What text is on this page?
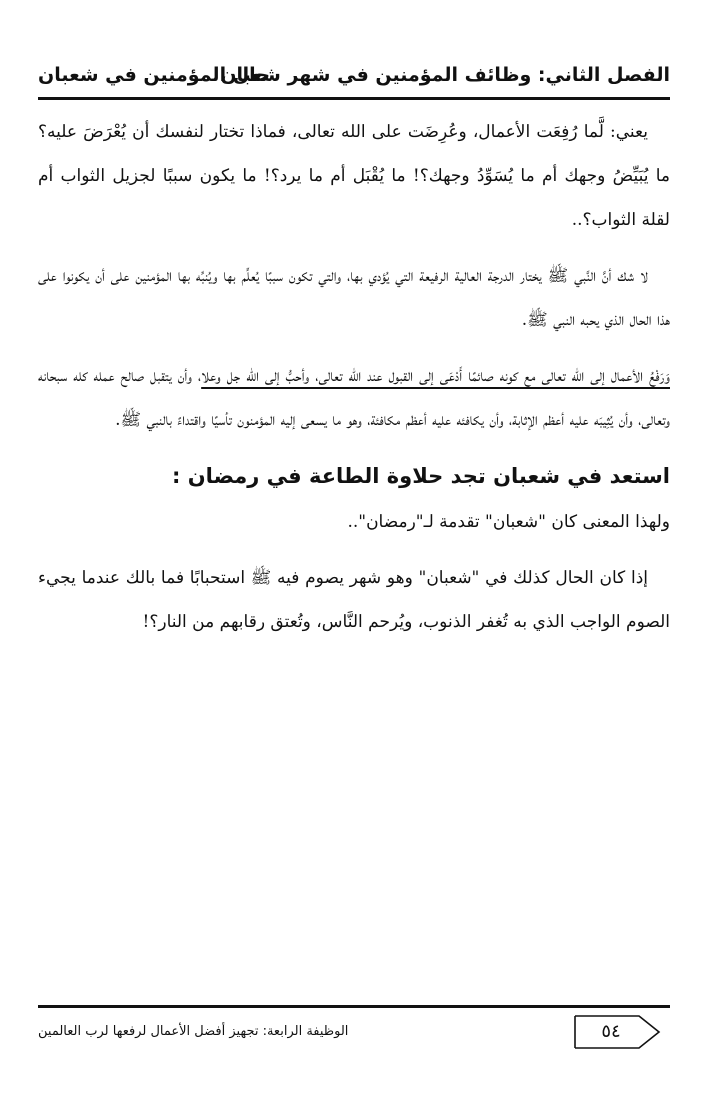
الفصل الثاني: وظائف المؤمنين في شهر شعبان
حال المؤمنين في شعبان

يعني: لَّما رُفِعَت الأعمال، وعُرِضَت على الله تعالى، فماذا تختار لنفسك أن يُعْرَضَ عليه؟ ما يُبَيِّضُ وجهك أم ما يُسَوِّدُ وجهك؟! ما يُقْبَل أم ما يرد؟! ما يكون سببًا لجزيل الثواب أم لقلة الثواب؟..

لا شك أنَّ النَّبي ﷺ يختار الدرجة العالية الرفيعة التي يُؤدي بها، والتي تكون سببًا يُعلِّم بها ويُنبِّه بها المؤمنين على أن يكونوا على هذا الحال الذي يحبه النبي ﷺ.

وَرَفْعُ الأعمال إلى الله تعالى مع كونه صائمًا أَدْعَى إلى القبول عند الله تعالى، وأحبُّ إلى الله جل وعلا، وأن يتقبل صالح عمله كله سبحانه وتعالى، وأن يُثِيبَه عليه أعظم الإثابة، وأن يكافئه عليه أعظم مكافئة، وهو ما يسعى إليه المؤمنون تأسيًا واقتداءً بالنبي ﷺ.

استعد في شعبان تجد حلاوة الطاعة في رمضان :

ولهذا المعنى كان "شعبان" تقدمة لـ"رمضان"..

إذا كان الحال كذلك في "شعبان" وهو شهر يصوم فيه ﷺ استحبابًا فما بالك عندما يجيء الصوم الواجب الذي به تُغفر الذنوب، ويُرحم النَّاس، وتُعتق رقابهم من النار؟!

الوظيفة الرابعة: تجهيز أفضل الأعمال لرفعها لرب العالمين	٥٤
